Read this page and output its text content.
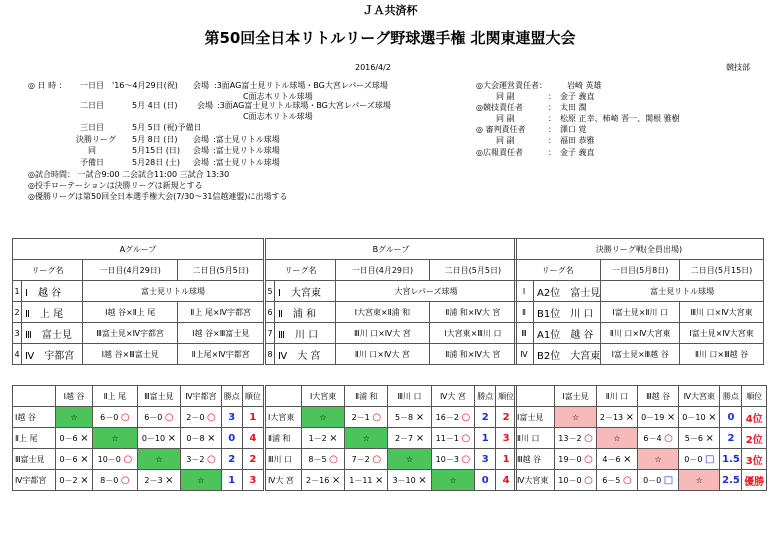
ＪＡ共済杯
第50回全日本リトルリーグ野球選手権 北関東連盟大会
2016/4/2	競技部
◎ 日 時 ： 一日目 '16～4月29日(祝) 会場 :3面AG富士見リトル球場・BG大宮レパーズ球場
C面志木リトル球場
二日目	5月 4日 (日) 会場 :3面AG富士見リトル球場・BG大宮レパーズ球場
C面志木リトル球場
三日目	5月 5日 (祝)予備日
決勝リーグ 5月 8日 (日) 会場 :富士見リトル球場
同	5月15日 (日) 会場 :富士見リトル球場
予備日	5月28日 (土) 会場 :富士見リトル球場
◎試合時間： 一試合9:00 二会試合11:00 三試合 13:30
◎投手ローテーションは決勝リーグは新規とする
◎優勝リーグは第50回全日本選手権大会(7/30～31信越連盟)に出場する
◎大会運営責任者：	岩崎 英雄
同 副	：　金子 義直
◎競技責任者	：　太田 潤
同 副	：　松原 正幸、柿崎 晋一、関根 雅樹
◎ 審判責任者	：　澤口 覚
同 副	：　福田 恭雅
◎広報責任者	：　金子 義直
Aグループ			
リーグ名		一日目(4月29日)	二日目(5月5日)
1	Ⅰ　越 谷	富士見リトル球場	
2	Ⅱ　上 尾	Ⅰ越 谷×Ⅱ上 尾	Ⅱ上 尾×Ⅳ宇都宮
3	Ⅲ　富士見	Ⅲ富士見×Ⅳ宇都宮	Ⅰ越 谷×Ⅲ富士見
4	Ⅳ　宇都宮	Ⅰ越 谷×Ⅲ富士見	Ⅱ上尾×Ⅳ宇都宮
Bグループ			
リーグ名		一日目(4月29日)	二日目(5月5日)
5	Ⅰ　大宮東	大宮レパーズ球場	
6	Ⅱ　浦 和	Ⅰ大宮東×Ⅱ浦 和	Ⅱ浦 和×Ⅳ大 宮
7	Ⅲ　川 口	Ⅲ川 口×Ⅳ大 宮	Ⅰ大宮東×Ⅲ川 口
8	Ⅳ　大 宮	Ⅱ川 口×Ⅳ大 宮	Ⅱ浦 和×Ⅳ大 宮
決勝リーグ戦(全員出場)			
リーグ名		一日目(5月8日)	二日目(5月15日)
Ⅰ	A2位　富士見	富士見リトル球場	
Ⅱ	B1位　川 口	Ⅰ富士見×Ⅱ川 口	Ⅲ川 口×Ⅳ大宮東
Ⅲ	A1位　越 谷	Ⅱ川 口×Ⅳ大宮東	Ⅰ富士見×Ⅳ大宮東
Ⅳ	B2位　大宮東	Ⅰ富士見×Ⅲ越 谷	Ⅱ川 口×Ⅲ越 谷
	Ⅰ越 谷	Ⅱ上 尾	Ⅲ富士見	Ⅳ宇都宮	勝点	順位
Ⅰ越 谷	☆	6－0 ○	6－0 ○	2－0 ○	3	1
Ⅱ上 尾	0－6 ×	☆	0－10 ×	0－8 ×	0	4
Ⅲ富士見	0－6 ×	10－0 ○	☆	3－2 ○	2	2
Ⅳ宇都宮	0－2 ×	8－0 ○	2－3 ×	☆	1	3
	Ⅰ大宮東	Ⅱ浦 和	Ⅲ川 口	Ⅳ大 宮	勝点	順位
Ⅰ大宮東	☆	2－1 ○	5－8 ×	16－2 ○	2	2
Ⅱ浦 和	1－2 ×	☆	2－7 ×	11－1 ○	1	3
Ⅲ川 口	8－5 ○	7－2 ○	☆	10－3 ○	3	1
Ⅳ大 宮	2－16 ×	1－11 ×	3－10 ×	☆	0	4
	Ⅰ富士見	Ⅱ川 口	Ⅲ越 谷	Ⅳ大宮東	勝点	順位
Ⅰ富士見	☆	2－13 ×	0－19 ×	0－10 ×	0	4位
Ⅱ川 口	13－2 ○	☆	6－4 ○	5－6 ×	2	2位
Ⅲ越 谷	19－0 ○	4－6 ×	☆	0－0 □	1.5	3位
Ⅳ大宮東	10－0 ○	6－5 ○	0－0 □	☆	2.5	優勝
